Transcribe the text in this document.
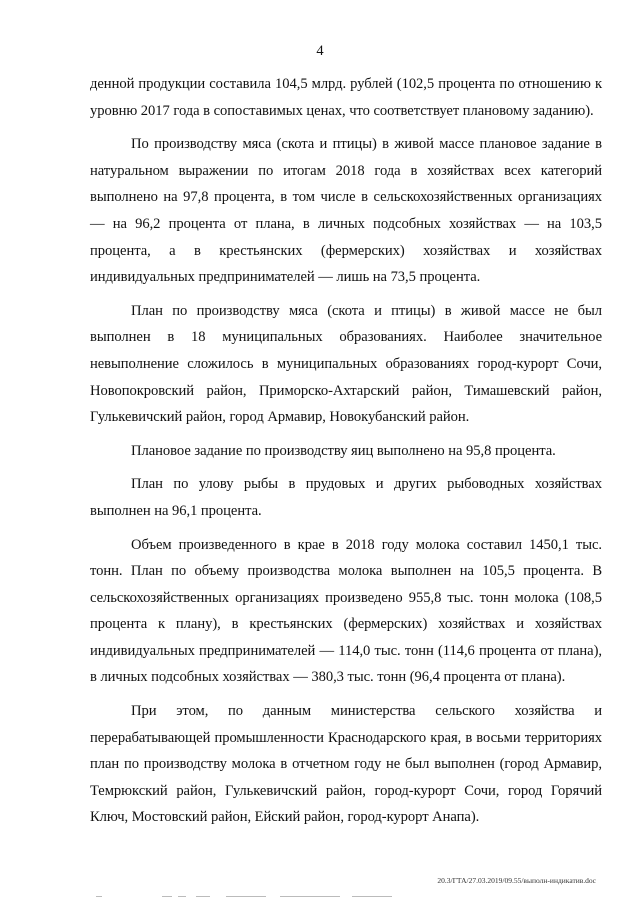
4

денной продукции составила 104,5 млрд. рублей (102,5 процента по отношению к уровню 2017 года в сопоставимых ценах, что соответствует плановому заданию).

По производству мяса (скота и птицы) в живой массе плановое задание в натуральном выражении по итогам 2018 года в хозяйствах всех категорий выполнено на 97,8 процента, в том числе в сельскохозяйственных организациях — на 96,2 процента от плана, в личных подсобных хозяйствах — на 103,5 процента, а в крестьянских (фермерских) хозяйствах и хозяйствах индивидуальных предпринимателей — лишь на 73,5 процента.

План по производству мяса (скота и птицы) в живой массе не был выполнен в 18 муниципальных образованиях. Наиболее значительное невыполнение сложилось в муниципальных образованиях город-курорт Сочи, Новопокровский район, Приморско-Ахтарский район, Тимашевский район, Гулькевичский район, город Армавир, Новокубанский район.

Плановое задание по производству яиц выполнено на 95,8 процента.

План по улову рыбы в прудовых и других рыбоводных хозяйствах выполнен на 96,1 процента.

Объем произведенного в крае в 2018 году молока составил 1450,1 тыс. тонн. План по объему производства молока выполнен на 105,5 процента. В сельскохозяйственных организациях произведено 955,8 тыс. тонн молока (108,5 процента к плану), в крестьянских (фермерских) хозяйствах и хозяйствах индивидуальных предпринимателей — 114,0 тыс. тонн (114,6 процента от плана), в личных подсобных хозяйствах — 380,3 тыс. тонн (96,4 процента от плана).

При этом, по данным министерства сельского хозяйства и перерабатывающей промышленности Краснодарского края, в восьми территориях план по производству молока в отчетном году не был выполнен (город Армавир, Темрюкский район, Гулькевичский район, город-курорт Сочи, город Горячий Ключ, Мостовский район, Ейский район, город-курорт Анапа).

20.3/ГТА/27.03.2019/09.55/выполн-индикатив.doc
